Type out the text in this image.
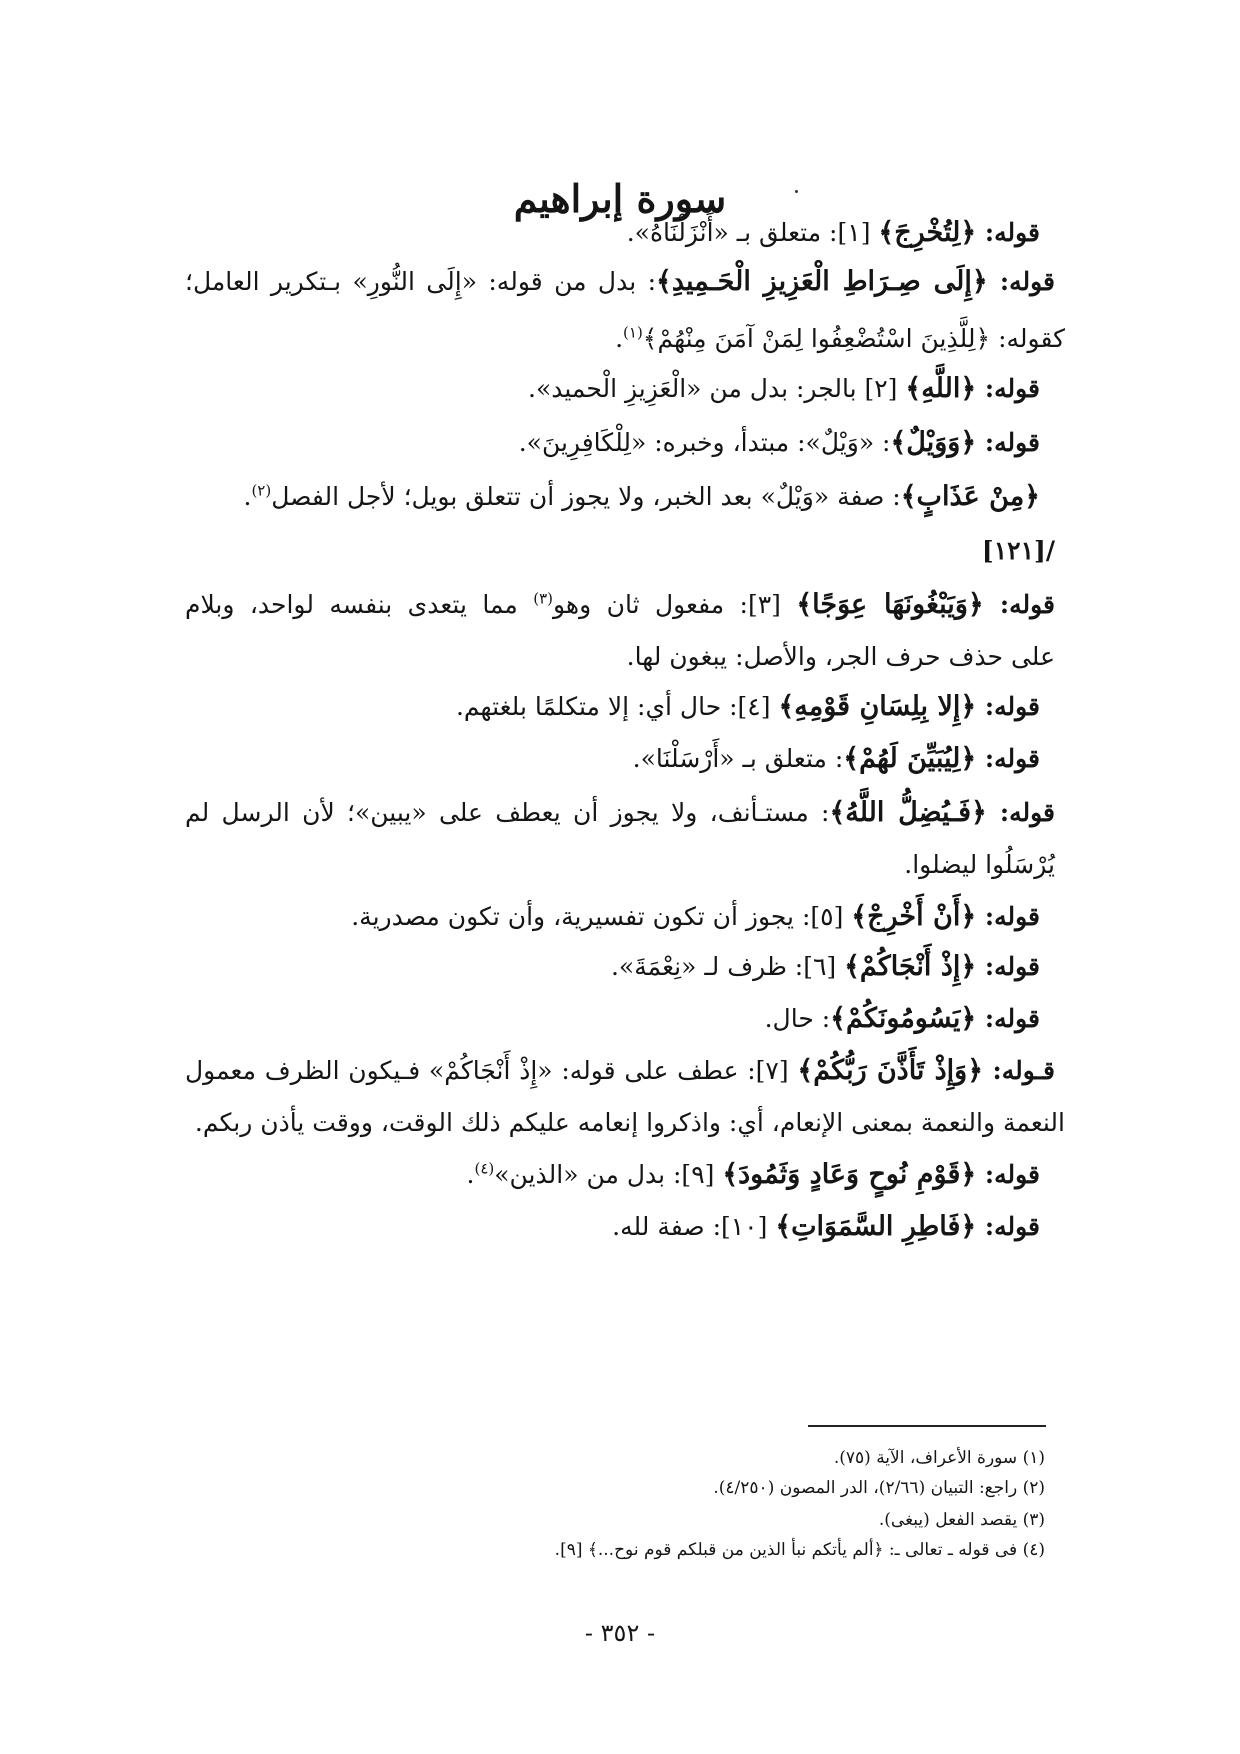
سورة إبراهيم
قوله: ﴿لِتُخْرِجَ﴾ [١]: متعلق بـ «أَنْزَلْنَاهُ».
قوله: ﴿إِلَى صِـرَاطِ الْعَزِيزِ الْحَـمِيدِ﴾: بدل من قوله: «إِلَى النُّورِ» بـتكرير العامل؛
كقوله: ﴿لِلَّذِينَ اسْتُضْعِفُوا لِمَنْ آمَنَ مِنْهُمْ﴾$^{(١)}$.
قوله: ﴿اللَّهِ﴾ [٢] بالجر: بدل من «الْعَزِيزِ الْحميد».
قوله: ﴿وَوَيْلٌ﴾: «وَيْلٌ»: مبتدأ، وخبره: «لِلْكَافِرِينَ».
﴿مِنْ عَذَابٍ﴾: صفة «وَيْلٌ» بعد الخبر، ولا يجوز أن تتعلق بويل؛ لأجل الفصل$^{(٢)}$.
/[١٢١]
قوله: ﴿وَيَبْغُونَهَا عِوَجًا﴾ [٣]: مفعول ثان وهو$^{(٣)}$ مما يتعدى بنفسه لواحد، وبلام
على حذف حرف الجر، والأصل: يبغون لها.
قوله: ﴿إِلا بِلِسَانِ قَوْمِهِ﴾ [٤]: حال أي: إلا متكلمًا بلغتهم.
قوله: ﴿لِيُبَيِّنَ لَهُمْ﴾: متعلق بـ «أَرْسَلْنَا».
قوله: ﴿فَـيُضِلُّ اللَّهُ﴾: مستـأنف، ولا يجوز أن يعطف على «يبين»؛ لأن الرسل لم
يُرْسَلُوا ليضلوا.
قوله: ﴿أَنْ أَخْرِجْ﴾ [٥]: يجوز أن تكون تفسيرية، وأن تكون مصدرية.
قوله: ﴿إِذْ أَنْجَاكُمْ﴾ [٦]: ظرف لـ «نِعْمَةَ».
قوله: ﴿يَسُومُونَكُمْ﴾: حال.
قـوله: ﴿وَإِذْ تَأَذَّنَ رَبُّكُمْ﴾ [٧]: عطف على قوله: «إِذْ أَنْجَاكُمْ» فـيكون الظرف معمول
النعمة والنعمة بمعنى الإنعام، أي: واذكروا إنعامه عليكم ذلك الوقت، ووقت يأذن ربكم.
قوله: ﴿قَوْمِ نُوحٍ وَعَادٍ وَثَمُودَ﴾ [٩]: بدل من «الذين»$^{(٤)}$.
قوله: ﴿فَاطِرِ السَّمَوَاتِ﴾ [١٠]: صفة لله.
(١) سورة الأعراف، الآية (٧٥).
(٢) راجع: التبيان (٢/٦٦)، الدر المصون (٤/٢٥٠).
(٣) يقصد الفعل (يبغى).
(٤) فى قوله ـ تعالى ـ: ﴿ألم يأتكم نبأ الذين من قبلكم قوم نوح...﴾ [٩].
- ٣٥٢ -
